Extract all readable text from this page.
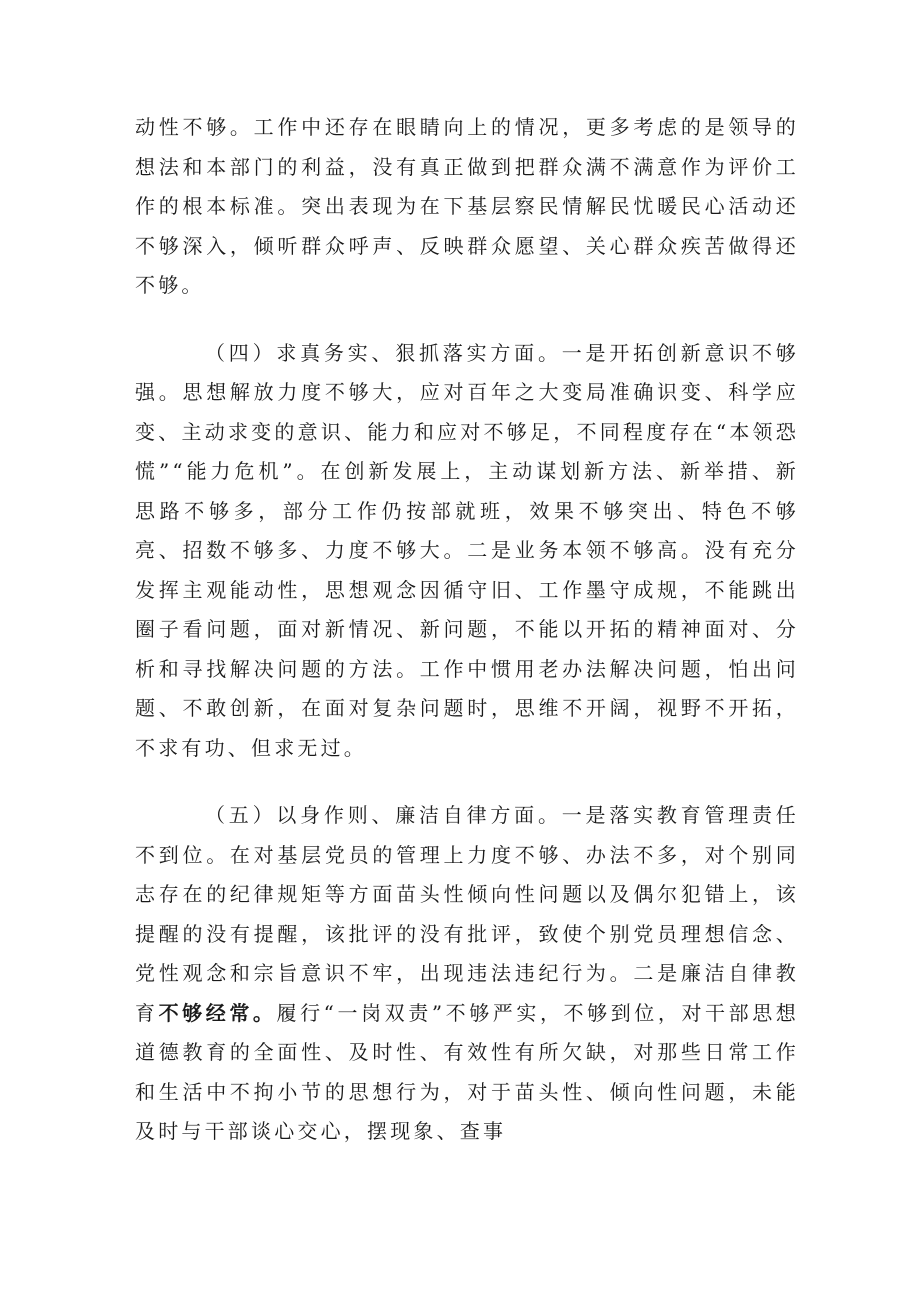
动性不够。工作中还存在眼睛向上的情况，更多考虑的是领导的想法和本部门的利益，没有真正做到把群众满不满意作为评价工作的根本标准。突出表现为在下基层察民情解民忧暖民心活动还不够深入，倾听群众呼声、反映群众愿望、关心群众疾苦做得还不够。

（四）求真务实、狠抓落实方面。一是开拓创新意识不够强。思想解放力度不够大，应对百年之大变局准确识变、科学应变、主动求变的意识、能力和应对不够足，不同程度存在“本领恐慌”“能力危机”。在创新发展上，主动谋划新方法、新举措、新思路不够多，部分工作仍按部就班，效果不够突出、特色不够亮、招数不够多、力度不够大。二是业务本领不够高。没有充分发挥主观能动性，思想观念因循守旧、工作墨守成规，不能跳出圈子看问题，面对新情况、新问题，不能以开拓的精神面对、分析和寻找解决问题的方法。工作中惯用老办法解决问题，怕出问题、不敢创新，在面对复杂问题时，思维不开阔，视野不开拓，不求有功、但求无过。

（五）以身作则、廉洁自律方面。一是落实教育管理责任不到位。在对基层党员的管理上力度不够、办法不多，对个别同志存在的纪律规矩等方面苗头性倾向性问题以及偶尔犯错上，该提醒的没有提醒，该批评的没有批评，致使个别党员理想信念、党性观念和宗旨意识不牢，出现违法违纪行为。二是廉洁自律教育不够经常。履行“一岗双责”不够严实，不够到位，对干部思想道德教育的全面性、及时性、有效性有所欠缺，对那些日常工作和生活中不拘小节的思想行为，对于苗头性、倾向性问题，未能及时与干部谈心交心，摆现象、查事
